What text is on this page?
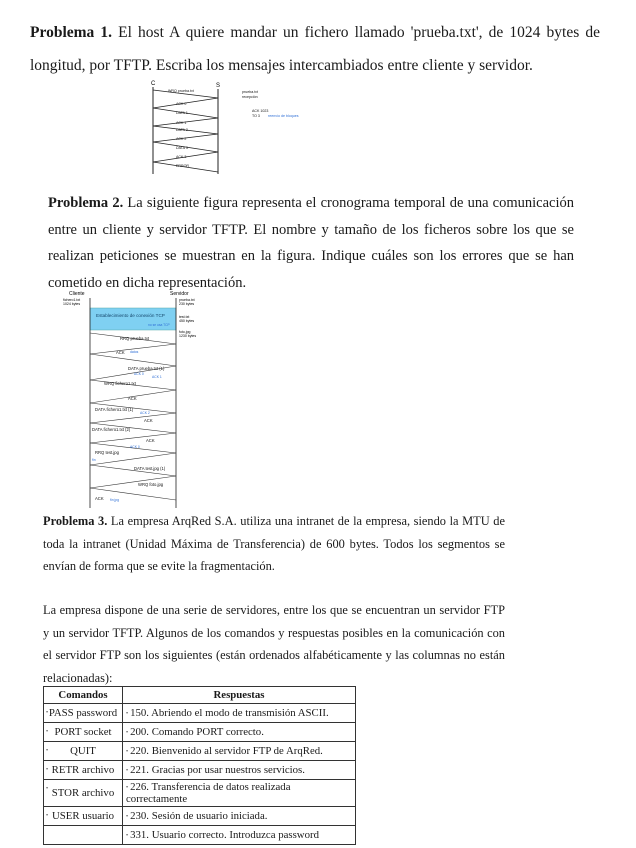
Problema 1. El host A quiere mandar un fichero llamado 'prueba.txt', de 1024 bytes de longitud, por TFTP. Escriba los mensajes intercambiados entre cliente y servidor.
C	S
WRQ prueba.txt
ACK 0
DATA 1
ACK 1
DATA 2
ACK 2
DATA 3
ACK 3
ERROR
prueba.txt
recepción
ACK 1023
TO 3 reenvío de bloques
Problema 2. La siguiente figura representa el cronograma temporal de una comunicación entre un cliente y servidor TFTP. El nombre y tamaño de los ficheros sobre los que se realizan peticiones se muestran en la figura. Indique cuáles son los errores que se han cometido en dicha representación.
Cliente	Servidor
fichero1.txt
1024 bytes
prueba.txt
230 bytes
test.txt
450 bytes
foto.jpg
1230 bytes
Establecimiento de conexión TCP
no se usa TCP
RRQ prueba.txt
ACK
DATA prueba.txt (1)
WRQ fichero1.txt
ACK
DATA fichero1.txt (1)
ACK
DATA fichero1.txt (2)
ACK
RRQ test.jpg
DATA test.jpg (1)
WRQ foto.jpg
ACK
datos
ACK 0
ACK 1
ACK 2
fin
ACK 0
fin jpg
Problema 3. La empresa ArqRed S.A. utiliza una intranet de la empresa, siendo la MTU de toda la intranet (Unidad Máxima de Transferencia) de 600 bytes. Todos los segmentos se envían de forma que se evite la fragmentación.
La empresa dispone de una serie de servidores, entre los que se encuentran un servidor FTP y un servidor TFTP. Algunos de los comandos y respuestas posibles en la comunicación con el servidor FTP son los siguientes (están ordenados alfabéticamente y las columnas no están relacionadas):
Comandos	Respuestas

• PASS password	• 150. Abriendo el modo de transmisión ASCII.

• PORT socket	• 200. Comando PORT correcto.

• QUIT	• 220. Bienvenido al servidor FTP de ArqRed.

• RETR archivo	• 221. Gracias por usar nuestros servicios.

• STOR archivo	• 226. Transferencia de datos realizada correctamente

• USER usuario	• 230. Sesión de usuario iniciada.
	• 331. Usuario correcto. Introduzca password
